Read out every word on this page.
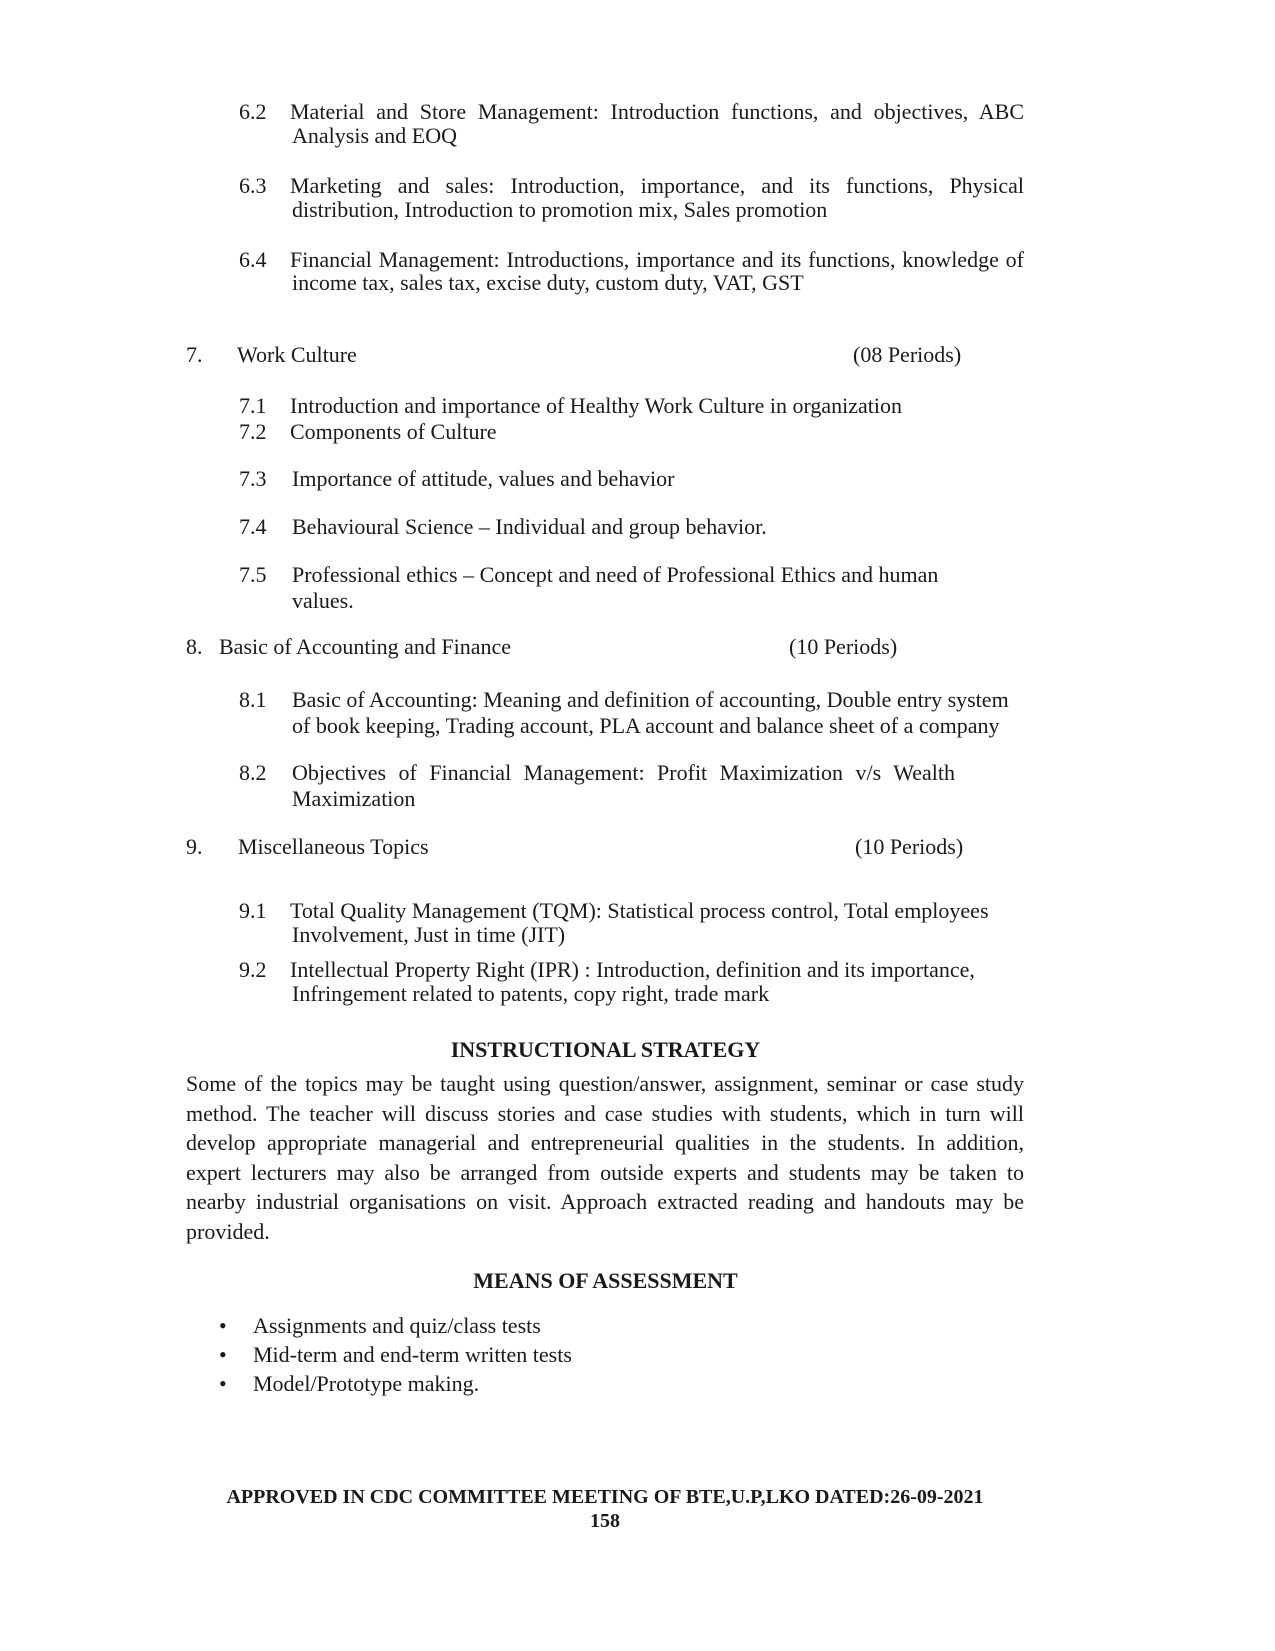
6.2 Material and Store Management: Introduction functions, and objectives, ABC
Analysis and EOQ
6.3 Marketing and sales: Introduction, importance, and its functions, Physical
distribution, Introduction to promotion mix, Sales promotion
6.4 Financial Management: Introductions, importance and its functions, knowledge of
income tax, sales tax, excise duty, custom duty, VAT, GST
7. Work Culture	(08 Periods)
7.1 Introduction and importance of Healthy Work Culture in organization
7.2 Components of Culture
7.3 Importance of attitude, values and behavior
7.4 Behavioural Science – Individual and group behavior.
7.5 Professional ethics – Concept and need of Professional Ethics and human
values.
8. Basic of Accounting and Finance	(10 Periods)
8.1 Basic of Accounting: Meaning and definition of accounting, Double entry system
of book keeping, Trading account, PLA account and balance sheet of a company
8.2 Objectives of Financial Management: Profit Maximization v/s Wealth
Maximization
9. Miscellaneous Topics	(10 Periods)
9.1 Total Quality Management (TQM): Statistical process control, Total employees
Involvement, Just in time (JIT)
9.2 Intellectual Property Right (IPR) : Introduction, definition and its importance,
Infringement related to patents, copy right, trade mark
INSTRUCTIONAL STRATEGY
Some of the topics may be taught using question/answer, assignment, seminar or case study method. The teacher will discuss stories and case studies with students, which in turn will develop appropriate managerial and entrepreneurial qualities in the students. In addition, expert lecturers may also be arranged from outside experts and students may be taken to nearby industrial organisations on visit. Approach extracted reading and handouts may be provided.
MEANS OF ASSESSMENT
• Assignments and quiz/class tests
• Mid-term and end-term written tests
• Model/Prototype making.
APPROVED IN CDC COMMITTEE MEETING OF BTE,U.P,LKO DATED:26-09-2021
158
